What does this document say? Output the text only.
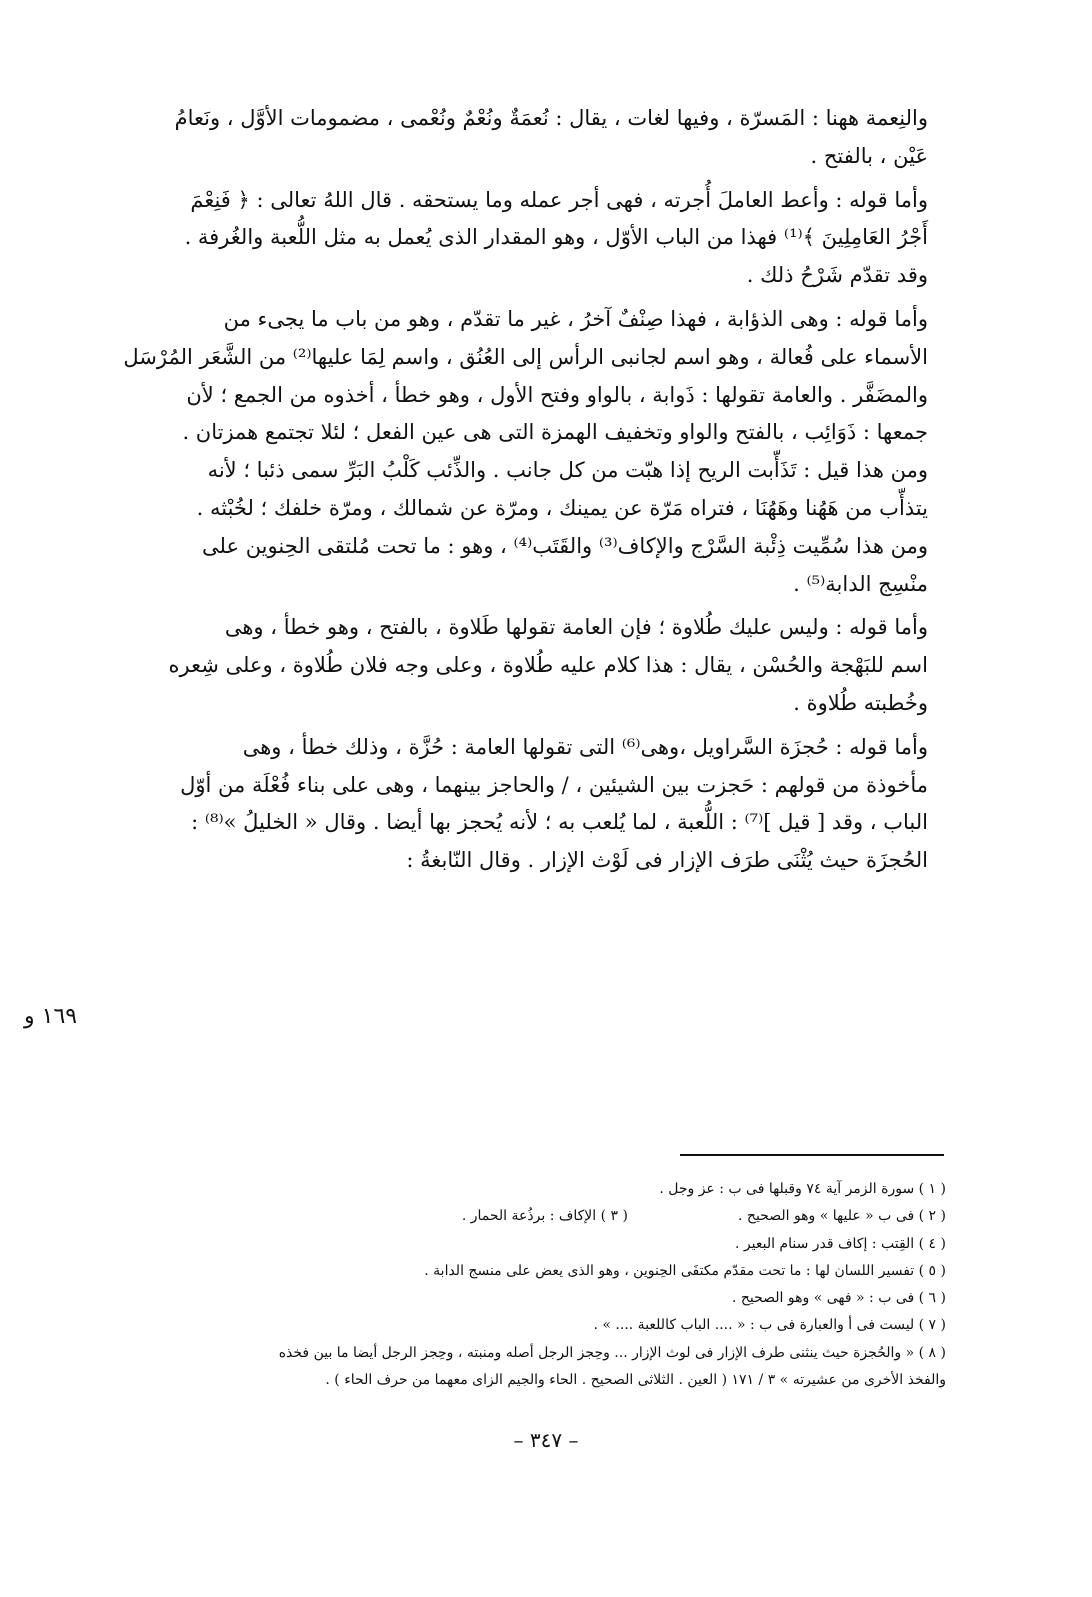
والنِعمة ههنا : المَسرّة ، وفيها لغات ، يقال : نُعمَةٌ ونُعْمٌ ونُعْمى ، مضمومات الأوَّل ، ونَعامُ
عَيْن ، بالفتح .

وأما قوله : وأعط العاملَ أُجرته ، فهى أجر عمله وما يستحقه . قال اللهُ تعالى : ﴿ فَنِعْمَ
أَجْرُ العَامِلِينَ ﴾⁽¹⁾ فهذا من الباب الأوّل ، وهو المقدار الذى يُعمل به مثل اللُّعبة والغُرفة .
وقد تقدّم شَرْحُ ذلك .

وأما قوله : وهى الذؤابة ، فهذا صِنْفٌ آخرُ ، غير ما تقدّم ، وهو من باب ما يجىء من
الأسماء على فُعالة ، وهو اسم لجانبى الرأس إلى العُنُق ، واسم لِمَا عليها⁽²⁾ من الشَّعَر المُرْسَل
والمضَفَّر . والعامة تقولها : ذَوابة ، بالواو وفتح الأول ، وهو خطأ ، أخذوه من الجمع ؛ لأن
جمعها : ذَوَائِب ، بالفتح والواو وتخفيف الهمزة التى هى عين الفعل ؛ لئلا تجتمع همزتان .
ومن هذا قيل : تَذَأّبت الريح إذا هبّت من كل جانب . والذِّئب كَلْبُ البَرِّ سمى ذئبا ؛ لأنه
يتذأّب من هَهُنا وهَهُنَا ، فتراه مَرّة عن يمينك ، ومرّة عن شمالك ، ومرّة خلفك ؛ لخُبْثه .
ومن هذا سُمِّيت ذِئْبة السَّرْج والإكاف⁽³⁾ والقَتَب⁽⁴⁾ ، وهو : ما تحت مُلتقى الحِنوين على
منْسِج الدابة⁽⁵⁾ .

وأما قوله : وليس عليك طُلاوة ؛ فإن العامة تقولها طَلاوة ، بالفتح ، وهو خطأ ، وهى
اسم للبَهْجة والحُسْن ، يقال : هذا كلام عليه طُلاوة ، وعلى وجه فلان طُلاوة ، وعلى شِعره
وخُطبته طُلاوة .

وأما قوله : حُجزَة السَّراويل ،وهى⁽⁶⁾ التى تقولها العامة : حُزَّة ، وذلك خطأ ، وهى
مأخوذة من قولهم : حَجزت بين الشيئين ، / والحاجز بينهما ، وهى على بناء فُعْلَة من أوّل
الباب ، وقد [ قيل ]⁽⁷⁾ : اللُّعبة ، لما يُلعب به ؛ لأنه يُحجز بها أيضا . وقال « الخليلُ »⁽⁸⁾ :
الحُجزَة حيث يُثْنَى طرَف الإزار فى لَوْث الإزار . وقال النّابغةُ :

١٦٩ و
( ١ ) سورة الزمر آية ٧٤ وقبلها فى ب : عز وجل .
( ٢ ) فى ب « عليها » وهو الصحيح .
( ٣ ) الإكاف : برذُعة الحمار .
( ٤ ) القِتب : إكاف قدر سنام البعير .
( ٥ ) تفسير اللسان لها : ما تحت مقدّم مكتفَى الحِنوين ، وهو الذى يعض على منسج الدابة .
( ٦ ) فى ب : « فهى » وهو الصحيح .
( ٧ ) ليست فى أ والعبارة فى ب : « .... الباب كاللعبة .... » .
( ٨ ) « والحُجزة حيث ينثنى طرف الإزار فى لوث الإزار ... وحِجز الرجل أصله ومنبته ، وحِجز الرجل أيضا ما بين فخذه
والفخذ الأخرى من عشيرته » ٣ / ١٧١ ( العين . الثلاثى الصحيح . الحاء والجيم الزاى معهما من حرف الحاء ) .
– ٣٤٧ –
